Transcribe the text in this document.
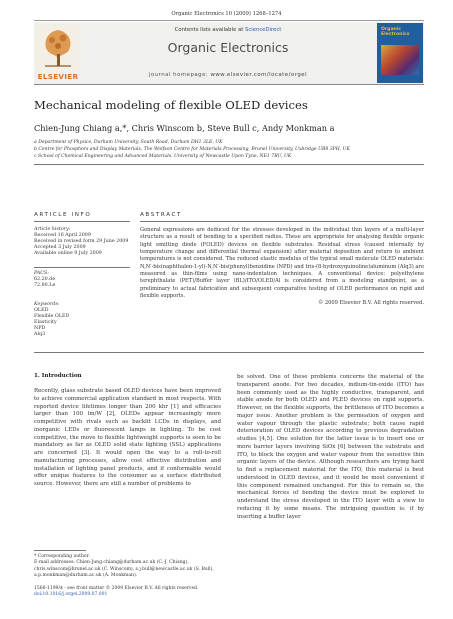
Organic Electronics 10 (2009) 1268–1274
ELSEVIER
Contents lists available at ScienceDirect
Organic Electronics
journal homepage: www.elsevier.com/locate/orgel
Organic Electronics
Mechanical modeling of flexible OLED devices
Chien-Jung Chiang a,*, Chris Winscom b, Steve Bull c, Andy Monkman a
a Department of Physics, Durham University, South Road, Durham DH1 3LE, UK
b Centre for Phosphors and Display Materials, The Wolfson Centre for Materials Processing, Brunel University, Uxbridge UB8 3PH, UK
c School of Chemical Engineering and Advanced Materials, University of Newcastle Upon Tyne, NE1 7RU, UK
ARTICLE INFO	ABSTRACT
Article history:
Received 16 April 2009
Received in revised form 29 June 2009
Accepted 3 July 2009
Available online 9 July 2009
PACS:
62.20.de
72.80.Le
Keywords:
OLED
Flexible OLED
Elasticity
NPD
Alq3
General expressions are deduced for the stresses developed in the individual thin layers of a multi-layer structure as a result of bending to a specified radius. These are appropriate for analysing flexible organic light emitting diode (FOLED) devices on flexible substrates. Residual stress (caused internally by temperature change and differential thermal expansion) after material deposition and return to ambient temperatures is not considered. The reduced elastic modulus of the typical small molecule OLED materials: N,N′-bis(naphthalen-1-yl)-N,N′-bis(phenyl)benzidine (NPD) and tris-(8-hydroxyquinoline)aluminum (Alq3) are measured as thin-films using nano-indentation techniques. A conventional device: polyethylene terephthalate (PET)/Buffer layer (BL)/ITO/OLED/Al is considered from a modeling standpoint, as a preliminary to actual fabrication and subsequent comparative testing of OLED performance on rigid and flexible supports.
© 2009 Elsevier B.V. All rights reserved.
1. Introduction
Recently, glass substrate based OLED devices have been improved to achieve commercial application standard in most respects. With reported device lifetimes longer than 200 khr [1] and efficacies larger than 100 lm/W [2], OLEDs appear increasingly more competitive with rivals such as backlit LCDs in displays, and inorganic LEDs or fluorescent lamps in lighting. To be cost competitive, the move to flexible lightweight supports is seen to be mandatory as far as OLED solid state lighting (SSL) applications are concerned [3]. It would open the way to a roll-to-roll manufacturing processes, allow cost effective distribution and installation of lighting panel products, and if conformable would offer unique features to the consumer as a surface distributed source. However, there are still a number of problems to
be solved. One of these problems concerns the material of the transparent anode. For two decades, indium-tin-oxide (ITO) has been commonly used as the highly conductive, transparent, and stable anode for both OLED and PLED devices on rigid supports. However, on the flexible supports, the brittleness of ITO becomes a major issue. Another problem is the permeation of oxygen and water vapour through the plastic substrate; both cause rapid deterioration of OLED devices according to previous degradation studies [4,5]. One solution for the latter issue is to insert one or more barrier layers involving SiOx [6] between the substrate and ITO, to block the oxygen and water vapour from the sensitive thin organic layers of the device. Although researchers are trying hard to find a replacement material for the ITO, this material is best understood in OLED devices, and it would be most convenient if this component remained unchanged. For this to remain so, the mechanical forces of bending the device must be explored to understand the stress developed in the ITO layer with a view to reducing it by some means. The intriguing question is: if by inserting a buffer layer
* Corresponding author.
E-mail addresses: Chien-Jung.chiang@durham.ac.uk (C.-J. Chiang), chris.winscom@brunel.ac.uk (C. Winscom), s.j.bull@newcastle.ac.uk (S. Bull), a.p.monkman@durham.ac.uk (A. Monkman).
1566-1199/$ - see front matter © 2009 Elsevier B.V. All rights reserved.
doi:10.1016/j.orgel.2009.07.001
